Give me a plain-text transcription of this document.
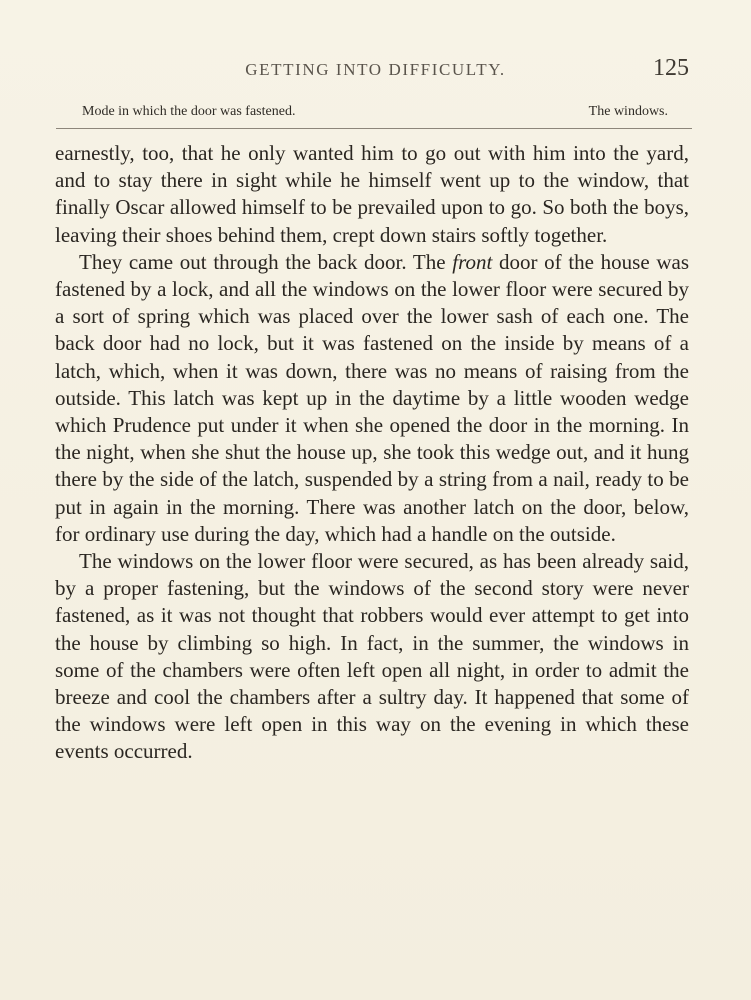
GETTING INTO DIFFICULTY.	125
Mode in which the door was fastened.	The windows.

earnestly, too, that he only wanted him to go out with him into the yard, and to stay there in sight while he himself went up to the window, that finally Oscar allowed himself to be prevailed upon to go. So both the boys, leaving their shoes behind them, crept down stairs softly together.

They came out through the back door. The front door of the house was fastened by a lock, and all the windows on the lower floor were secured by a sort of spring which was placed over the lower sash of each one. The back door had no lock, but it was fastened on the inside by means of a latch, which, when it was down, there was no means of raising from the outside. This latch was kept up in the daytime by a little wooden wedge which Prudence put under it when she opened the door in the morning. In the night, when she shut the house up, she took this wedge out, and it hung there by the side of the latch, suspended by a string from a nail, ready to be put in again in the morning. There was another latch on the door, below, for ordinary use during the day, which had a handle on the outside.

The windows on the lower floor were secured, as has been already said, by a proper fastening, but the windows of the second story were never fastened, as it was not thought that robbers would ever attempt to get into the house by climbing so high. In fact, in the summer, the windows in some of the chambers were often left open all night, in order to admit the breeze and cool the chambers after a sultry day. It happened that some of the windows were left open in this way on the evening in which these events occurred.
